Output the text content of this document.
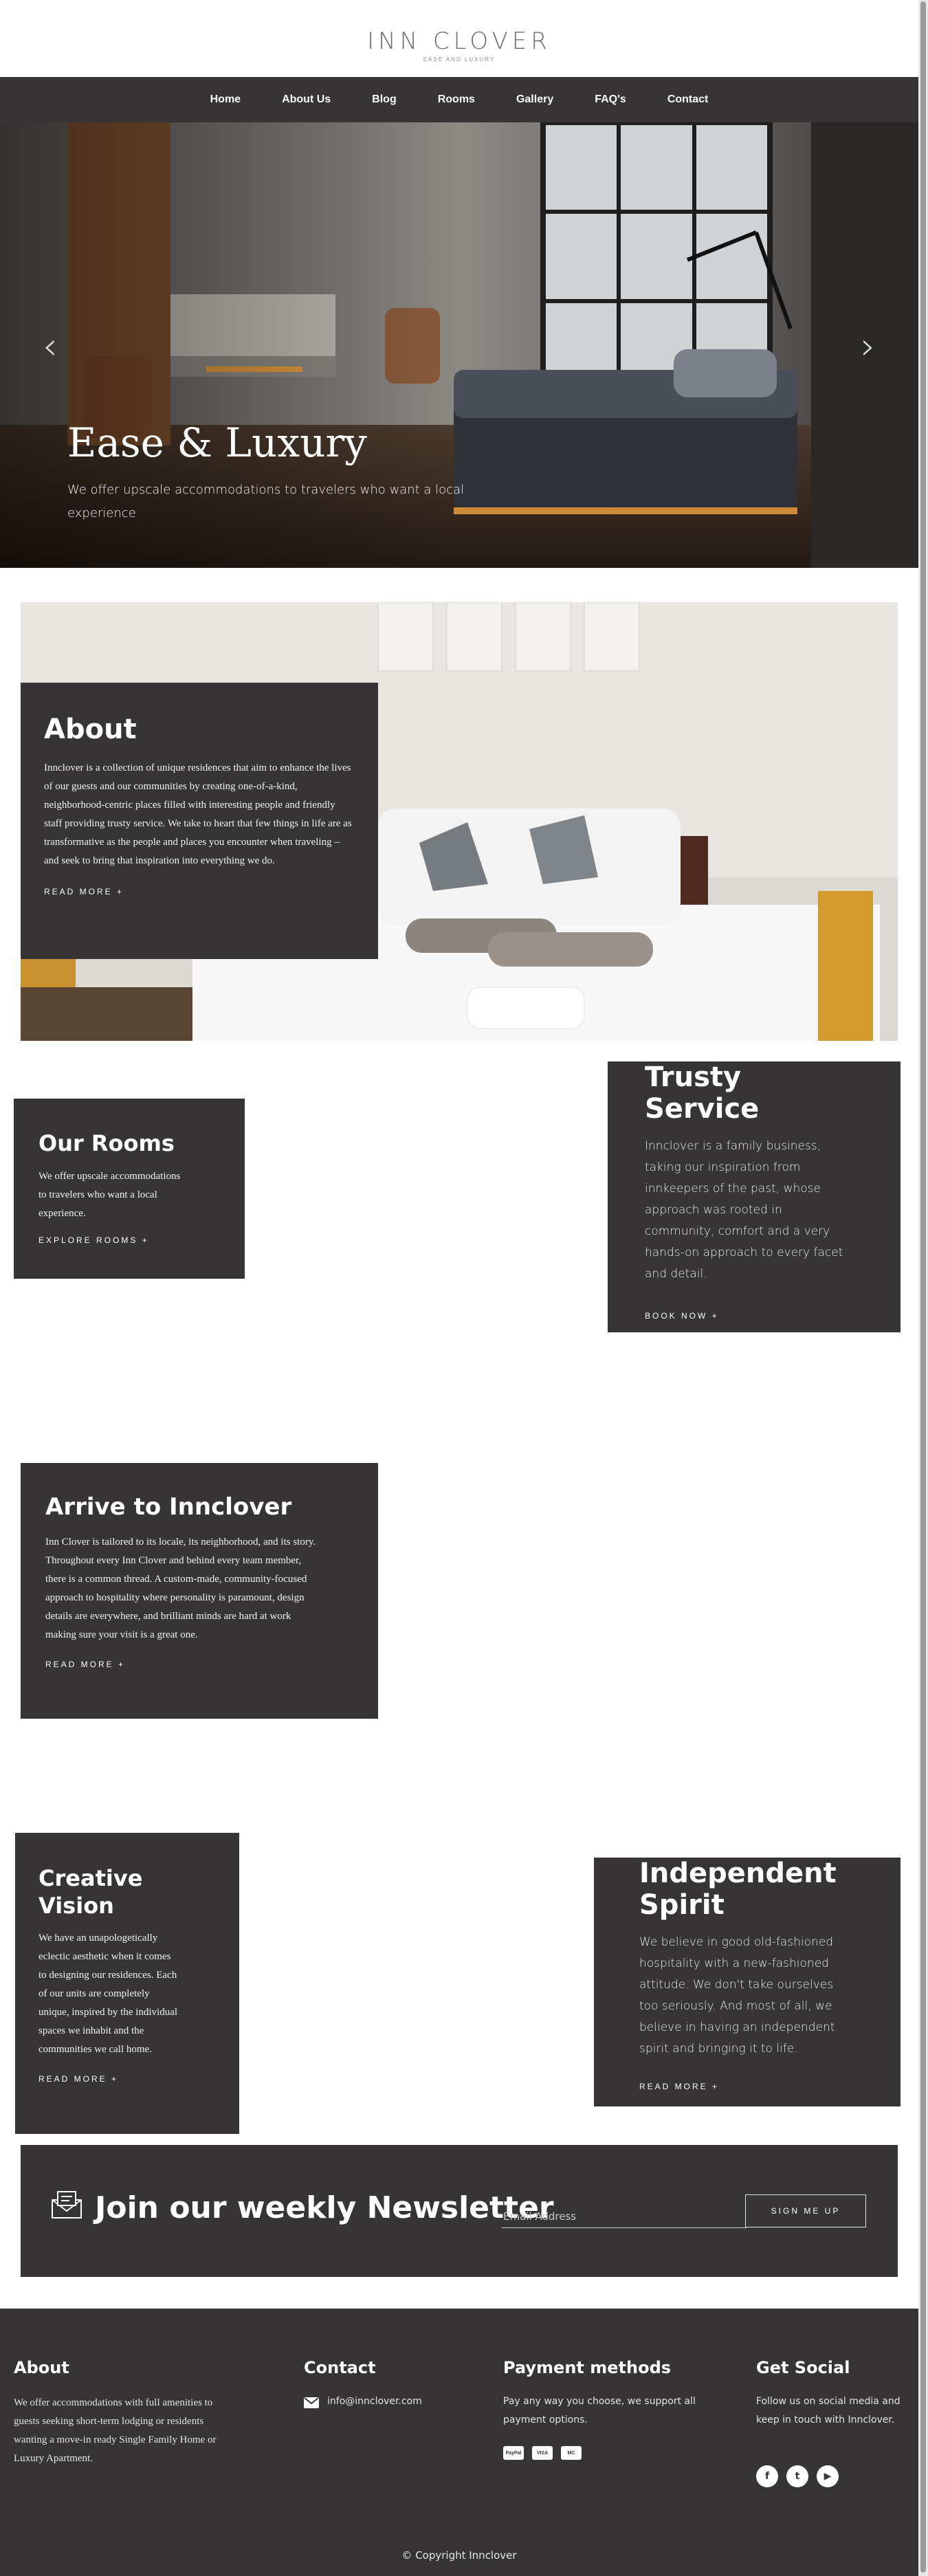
INN CLOVER
EASE AND LUXURY
Home	About Us	Blog	Rooms	Gallery	FAQ's	Contact
‹	›
Ease & Luxury
We offer upscale accommodations to travelers who want a local experience
About

Innclover is a collection of unique residences that aim to enhance the lives of our guests and our communities by creating one-of-a-kind, neighborhood-centric places filled with interesting people and friendly staff providing trusty service. We take to heart that few things in life are as transformative as the people and places you encounter when traveling – and seek to bring that inspiration into everything we do.

READ MORE +
Our Rooms

We offer upscale accommodations to travelers who want a local experience.

EXPLORE ROOMS +
Trusty Service

Innclover is a family business, taking our inspiration from innkeepers of the past, whose approach was rooted in community, comfort and a very hands-on approach to every facet and detail.

BOOK NOW +
Arrive to Innclover

Inn Clover is tailored to its locale, its neighborhood, and its story. Throughout every Inn Clover and behind every team member, there is a common thread. A custom-made, community-focused approach to hospitality where personality is paramount, design details are everywhere, and brilliant minds are hard at work making sure your visit is a great one.

READ MORE +
Creative Vision

We have an unapologetically eclectic aesthetic when it comes to designing our residences. Each of our units are completely unique, inspired by the individual spaces we inhabit and the communities we call home.

READ MORE +
Independent Spirit

We believe in good old-fashioned hospitality with a new-fashioned attitude. We don't take ourselves too seriously. And most of all, we believe in having an independent spirit and bringing it to life.

READ MORE +
Join our weekly Newsletter
Email Address	SIGN ME UP
About
We offer accommodations with full amenities to guests seeking short-term lodging or residents wanting a move-in ready Single Family Home or Luxury Apartment.
Contact
info@innclover.com
Payment methods
Pay any way you choose, we support all payment options.
PayPal	VISA	MC
Get Social
Follow us on social media and keep in touch with Innclover.
f	t	▶
© Copyright Innclover
